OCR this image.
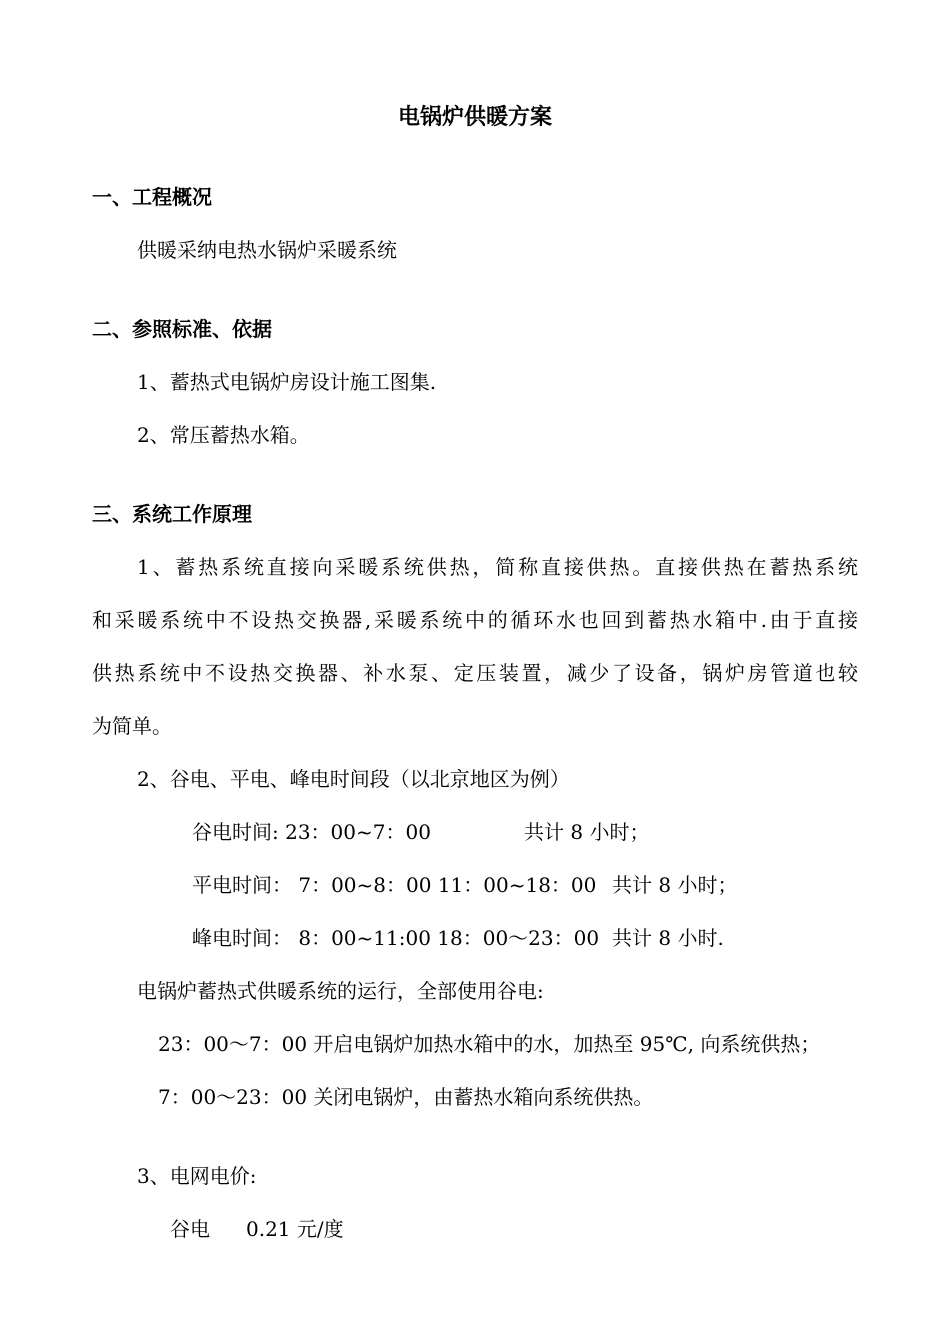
电锅炉供暖方案
一、工程概况
供暖采纳电热水锅炉采暖系统
二、参照标准、依据
1、蓄热式电锅炉房设计施工图集.
2、常压蓄热水箱。
三、系统工作原理
1、蓄热系统直接向采暖系统供热，简称直接供热。直接供热在蓄热系统
和采暖系统中不设热交换器,采暖系统中的循环水也回到蓄热水箱中.由于直接
供热系统中不设热交换器、补水泵、定压装置，减少了设备，锅炉房管道也较
为简单。
2、谷电、平电、峰电时间段（以北京地区为例）
谷电时间: 23：00~7：00	共计 8 小时；
平电时间： 7：00~8：00 11：00~18：00 共计 8 小时；
峰电时间： 8：00~11:00 18：00～23：00 共计 8 小时.
电锅炉蓄热式供暖系统的运行，全部使用谷电:
23：00～7：00 开启电锅炉加热水箱中的水，加热至 95℃, 向系统供热；
7：00～23：00 关闭电锅炉，由蓄热水箱向系统供热。
3、电网电价:
谷电 0.21 元/度
